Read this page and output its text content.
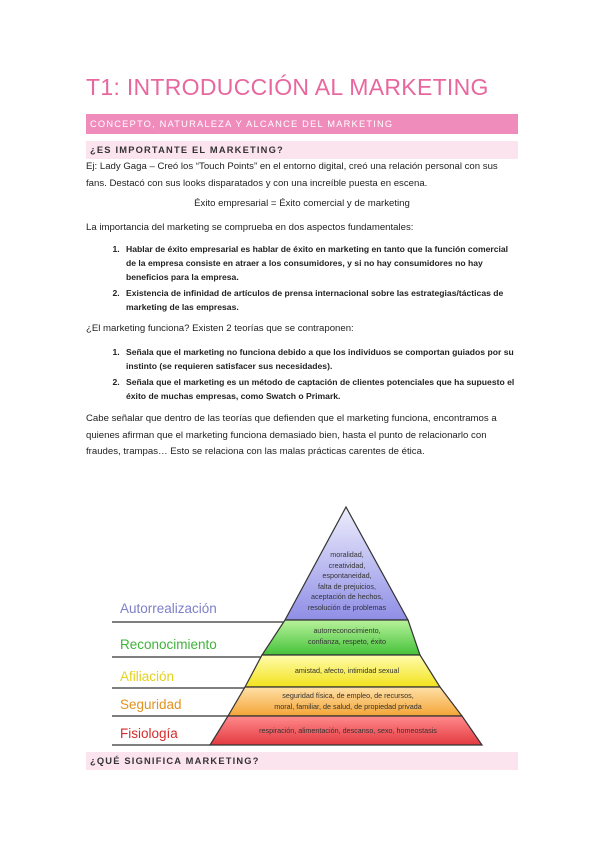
T1: INTRODUCCIÓN AL MARKETING
CONCEPTO, NATURALEZA Y ALCANCE DEL MARKETING
¿ES IMPORTANTE EL MARKETING?
Ej: Lady Gaga – Creó los “Touch Points” en el entorno digital, creó una relación personal con sus fans. Destacó con sus looks disparatados y con una increíble puesta en escena.
Éxito empresarial = Éxito comercial y de marketing
La importancia del marketing se comprueba en dos aspectos fundamentales:
1. Hablar de éxito empresarial es hablar de éxito en marketing en tanto que la función comercial de la empresa consiste en atraer a los consumidores, y si no hay consumidores no hay beneficios para la empresa.
2. Existencia de infinidad de artículos de prensa internacional sobre las estrategias/tácticas de marketing de las empresas.
¿El marketing funciona? Existen 2 teorías que se contraponen:
1. Señala que el marketing no funciona debido a que los individuos se comportan guiados por su instinto (se requieren satisfacer sus necesidades).
2. Señala que el marketing es un método de captación de clientes potenciales que ha supuesto el éxito de muchas empresas, como Swatch o Primark.
Cabe señalar que dentro de las teorías que defienden que el marketing funciona, encontramos a quienes afirman que el marketing funciona demasiado bien, hasta el punto de relacionarlo con fraudes, trampas… Esto se relaciona con las malas prácticas carentes de ética.
Autorrealización
Reconocimiento
Afiliación
Seguridad
Fisiología
moralidad,
creatividad,
espontaneidad,
falta de prejuicios,
aceptación de hechos,
resolución de problemas
autorreconocimiento,
confianza, respeto, éxito
amistad, afecto, intimidad sexual
seguridad física, de empleo, de recursos,
moral, familiar, de salud, de propiedad privada
respiración, alimentación, descanso, sexo, homeostasis
¿QUÉ SIGNIFICA MARKETING?
